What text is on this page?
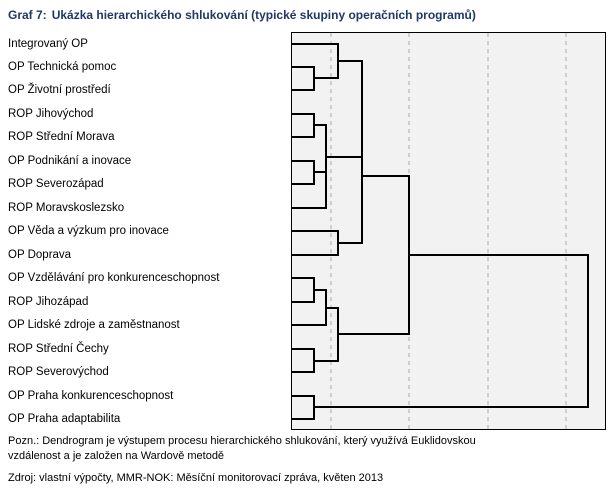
Graf 7: Ukázka hierarchického shlukování (typické skupiny operačních programů)
Integrovaný OP
OP Technická pomoc
OP Životní prostředí
ROP Jihovýchod
ROP Střední Morava
OP Podnikání a inovace
ROP Severozápad
ROP Moravskoslezsko
OP Věda a výzkum pro inovace
OP Doprava
OP Vzdělávání pro konkurenceschopnost
ROP Jihozápad
OP Lidské zdroje a zaměstnanost
ROP Střední Čechy
ROP Severovýchod
OP Praha konkurenceschopnost
OP Praha adaptabilita
Pozn.: Dendrogram je výstupem procesu hierarchického shlukování, který využívá Euklidovskou
vzdálenost a je založen na Wardově metodě
Zdroj: vlastní výpočty, MMR-NOK: Měsíční monitorovací zpráva, květen 2013
